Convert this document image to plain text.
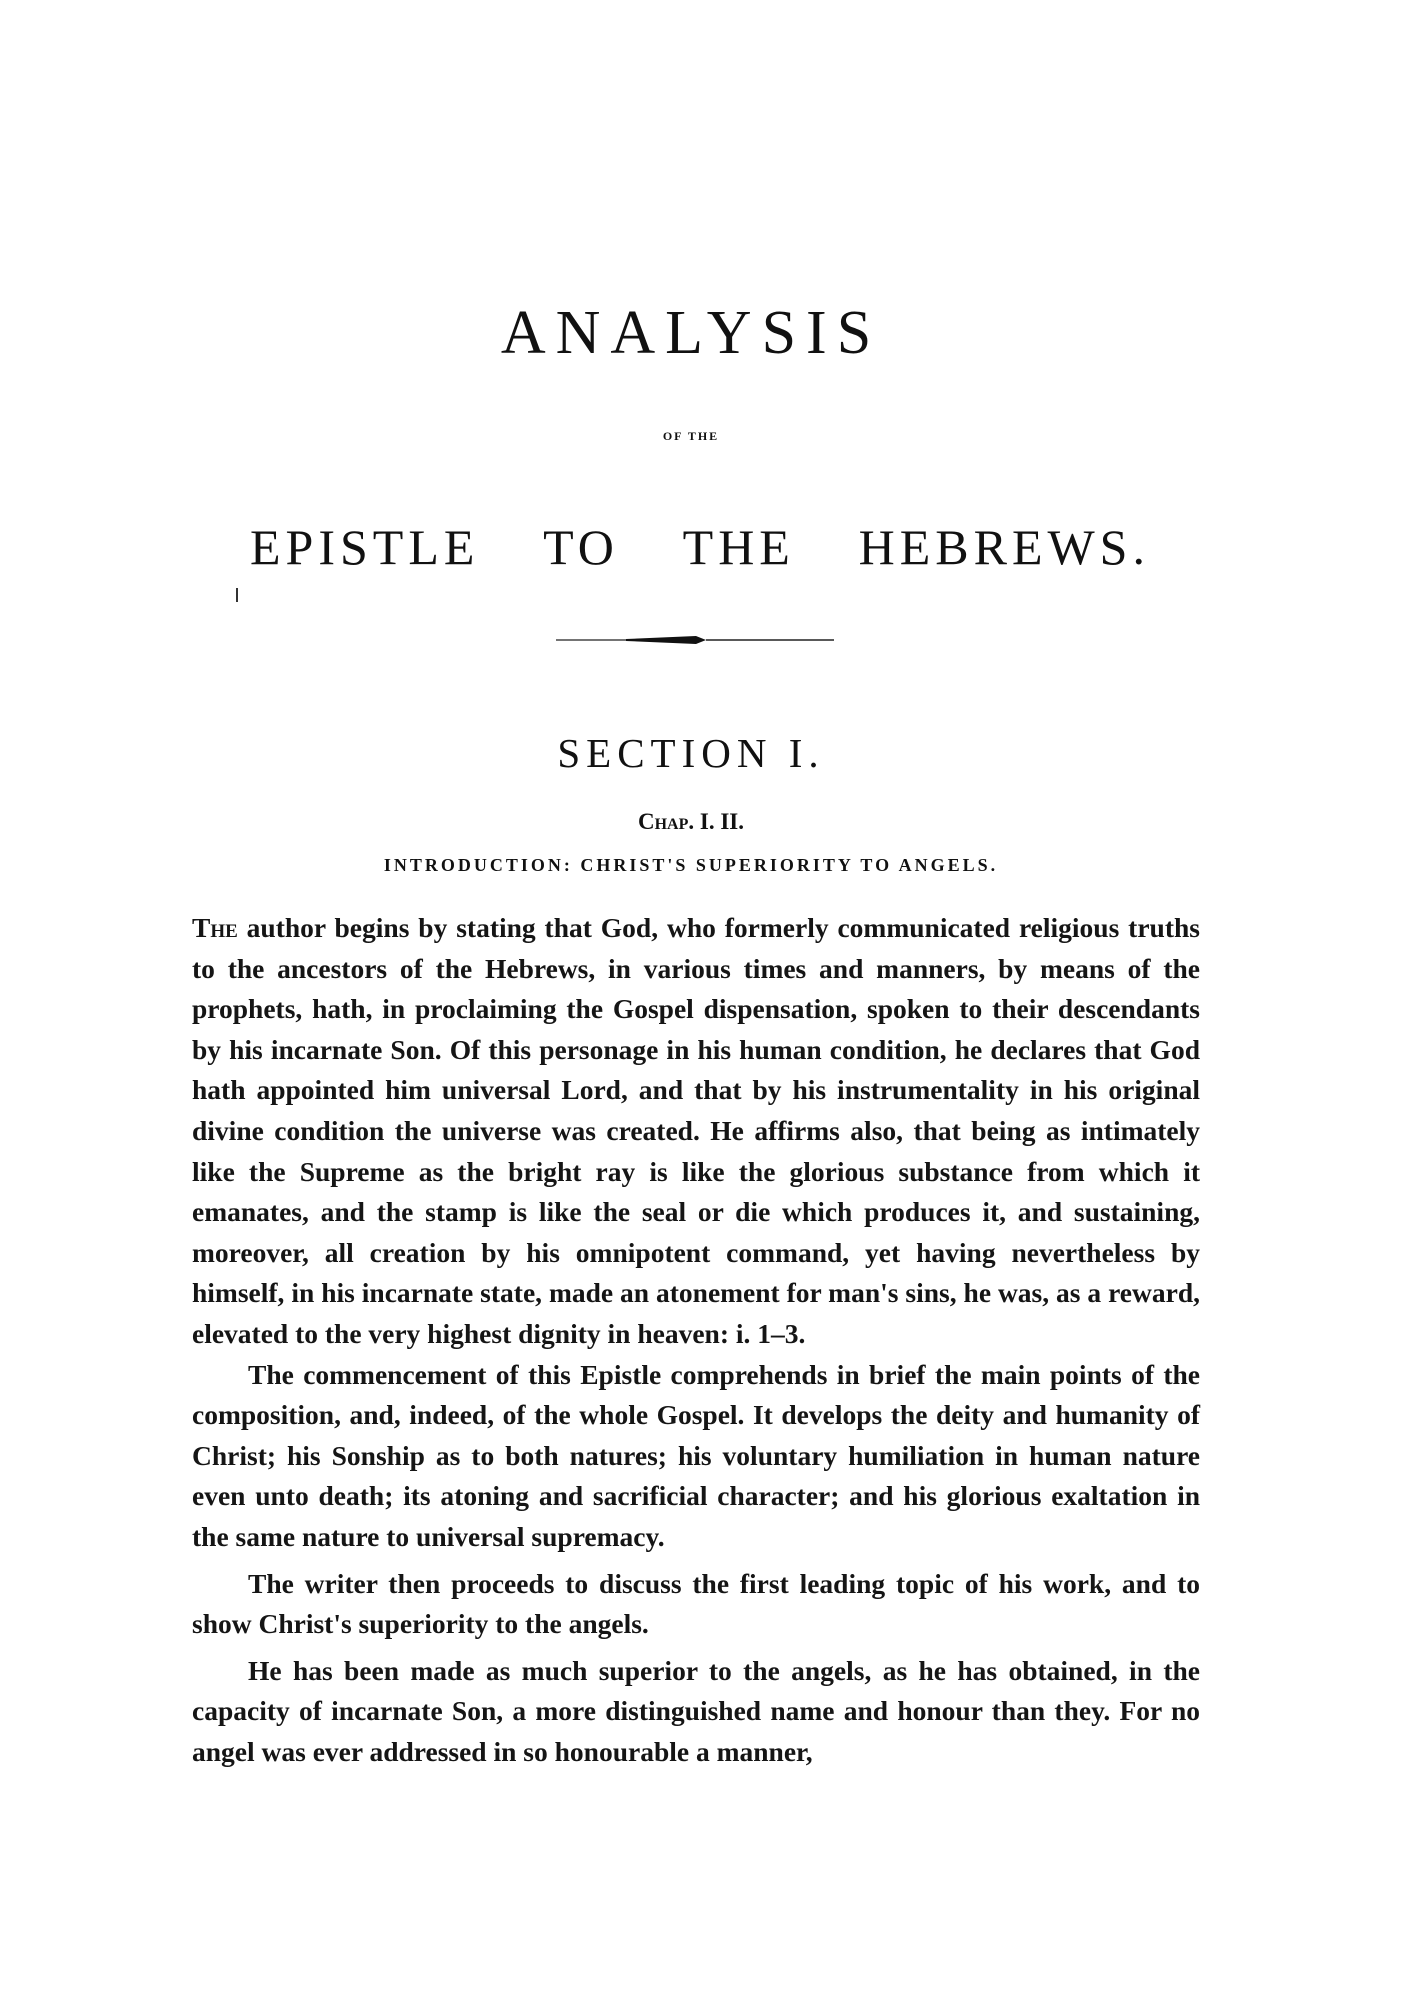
ANALYSIS
OF THE
EPISTLE TO THE HEBREWS.
SECTION I.
Chap. I. II.
INTRODUCTION: CHRIST'S SUPERIORITY TO ANGELS.

The author begins by stating that God, who formerly communicated religious truths to the ancestors of the Hebrews, in various times and manners, by means of the prophets, hath, in proclaiming the Gospel dispensation, spoken to their descendants by his incarnate Son. Of this personage in his human condition, he declares that God hath appointed him universal Lord, and that by his instrumentality in his original divine condition the universe was created. He affirms also, that being as intimately like the Supreme as the bright ray is like the glorious substance from which it emanates, and the stamp is like the seal or die which produces it, and sustaining, moreover, all creation by his omnipotent command, yet having nevertheless by himself, in his incarnate state, made an atonement for man's sins, he was, as a reward, elevated to the very highest dignity in heaven: i. 1–3.

The commencement of this Epistle comprehends in brief the main points of the composition, and, indeed, of the whole Gospel. It develops the deity and humanity of Christ; his Sonship as to both natures; his voluntary humiliation in human nature even unto death; its atoning and sacrificial character; and his glorious exaltation in the same nature to universal supremacy.

The writer then proceeds to discuss the first leading topic of his work, and to show Christ's superiority to the angels.

He has been made as much superior to the angels, as he has obtained, in the capacity of incarnate Son, a more distinguished name and honour than they. For no angel was ever addressed in so honourable a manner,
